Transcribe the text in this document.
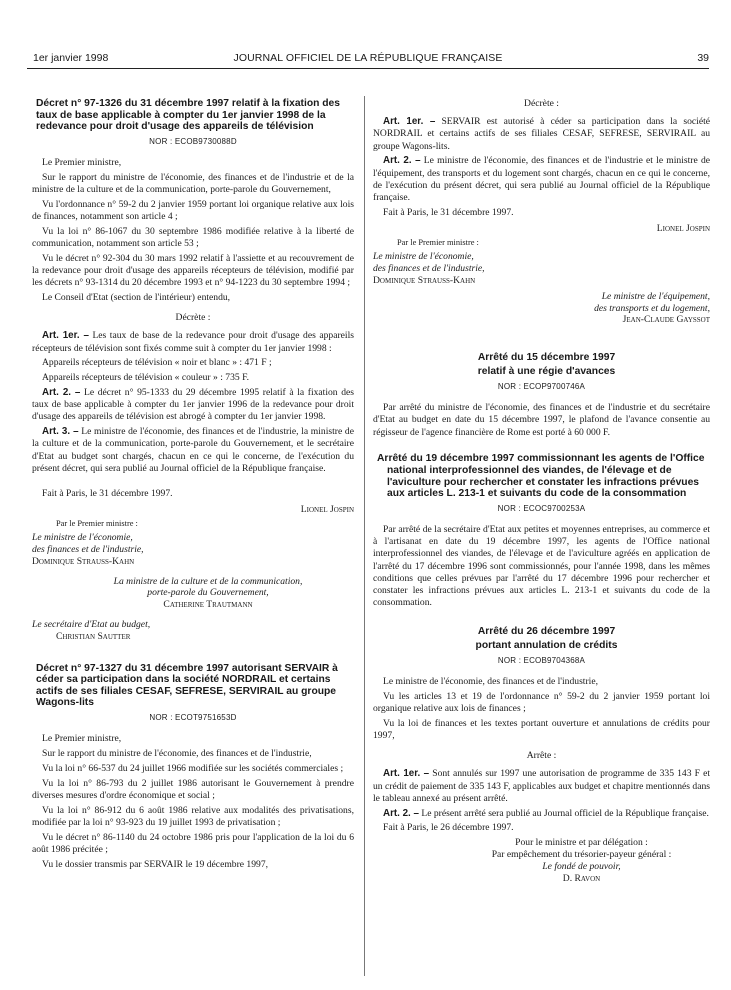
1er janvier 1998	JOURNAL OFFICIEL DE LA RÉPUBLIQUE FRANÇAISE	39

Décret n° 97-1326 du 31 décembre 1997 relatif à la fixation des taux de base applicable à compter du 1er janvier 1998 de la redevance pour droit d'usage des appareils de télévision

NOR : ECOB9730088D

Le Premier ministre,

Sur le rapport du ministre de l'économie, des finances et de l'industrie et de la ministre de la culture et de la communication, porte-parole du Gouvernement,

Vu l'ordonnance n° 59-2 du 2 janvier 1959 portant loi organique relative aux lois de finances, notamment son article 4 ;

Vu la loi n° 86-1067 du 30 septembre 1986 modifiée relative à la liberté de communication, notamment son article 53 ;

Vu le décret n° 92-304 du 30 mars 1992 relatif à l'assiette et au recouvrement de la redevance pour droit d'usage des appareils récepteurs de télévision, modifié par les décrets n° 93-1314 du 20 décembre 1993 et n° 94-1223 du 30 septembre 1994 ;

Le Conseil d'Etat (section de l'intérieur) entendu,

Décrète :

Art. 1er. – Les taux de base de la redevance pour droit d'usage des appareils récepteurs de télévision sont fixés comme suit à compter du 1er janvier 1998 :

Appareils récepteurs de télévision « noir et blanc » : 471 F ;

Appareils récepteurs de télévision « couleur » : 735 F.

Art. 2. – Le décret n° 95-1333 du 29 décembre 1995 relatif à la fixation des taux de base applicable à compter du 1er janvier 1996 de la redevance pour droit d'usage des appareils de télévision est abrogé à compter du 1er janvier 1998.

Art. 3. – Le ministre de l'économie, des finances et de l'industrie, la ministre de la culture et de la communication, porte-parole du Gouvernement, et le secrétaire d'Etat au budget sont chargés, chacun en ce qui le concerne, de l'exécution du présent décret, qui sera publié au Journal officiel de la République française.

Fait à Paris, le 31 décembre 1997.

Lionel Jospin
Par le Premier ministre :
Le ministre de l'économie,
des finances et de l'industrie,
Dominique Strauss-Kahn
La ministre de la culture et de la communication,
porte-parole du Gouvernement,
Catherine Trautmann
Le secrétaire d'Etat au budget,
Christian Sautter

Décret n° 97-1327 du 31 décembre 1997 autorisant SERVAIR à céder sa participation dans la société NORDRAIL et certains actifs de ses filiales CESAF, SEFRESE, SERVIRAIL au groupe Wagons-lits

NOR : ECOT9751653D

Le Premier ministre,

Sur le rapport du ministre de l'économie, des finances et de l'industrie,

Vu la loi n° 66-537 du 24 juillet 1966 modifiée sur les sociétés commerciales ;

Vu la loi n° 86-793 du 2 juillet 1986 autorisant le Gouvernement à prendre diverses mesures d'ordre économique et social ;

Vu la loi n° 86-912 du 6 août 1986 relative aux modalités des privatisations, modifiée par la loi n° 93-923 du 19 juillet 1993 de privatisation ;

Vu le décret n° 86-1140 du 24 octobre 1986 pris pour l'application de la loi du 6 août 1986 précitée ;

Vu le dossier transmis par SERVAIR le 19 décembre 1997,

Décrète :

Art. 1er. – SERVAIR est autorisé à céder sa participation dans la société NORDRAIL et certains actifs de ses filiales CESAF, SEFRESE, SERVIRAIL au groupe Wagons-lits.

Art. 2. – Le ministre de l'économie, des finances et de l'industrie et le ministre de l'équipement, des transports et du logement sont chargés, chacun en ce qui le concerne, de l'exécution du présent décret, qui sera publié au Journal officiel de la République française.

Fait à Paris, le 31 décembre 1997.

Lionel Jospin
Par le Premier ministre :
Le ministre de l'économie,
des finances et de l'industrie,
Dominique Strauss-Kahn
Le ministre de l'équipement,
des transports et du logement,
Jean-Claude Gayssot

Arrêté du 15 décembre 1997

relatif à une régie d'avances

NOR : ECOP9700746A

Par arrêté du ministre de l'économie, des finances et de l'industrie et du secrétaire d'Etat au budget en date du 15 décembre 1997, le plafond de l'avance consentie au régisseur de l'agence financière de Rome est porté à 60 000 F.

Arrêté du 19 décembre 1997 commissionnant les agents de l'Office national interprofessionnel des viandes, de l'élevage et de l'aviculture pour rechercher et constater les infractions prévues aux articles L. 213-1 et suivants du code de la consommation

NOR : ECOC9700253A

Par arrêté de la secrétaire d'Etat aux petites et moyennes entreprises, au commerce et à l'artisanat en date du 19 décembre 1997, les agents de l'Office national interprofessionnel des viandes, de l'élevage et de l'aviculture agréés en application de l'arrêté du 17 décembre 1996 sont commissionnés, pour l'année 1998, dans les mêmes conditions que celles prévues par l'arrêté du 17 décembre 1996 pour rechercher et constater les infractions prévues aux articles L. 213-1 et suivants du code de la consommation.

Arrêté du 26 décembre 1997

portant annulation de crédits

NOR : ECOB9704368A

Le ministre de l'économie, des finances et de l'industrie,

Vu les articles 13 et 19 de l'ordonnance n° 59-2 du 2 janvier 1959 portant loi organique relative aux lois de finances ;

Vu la loi de finances et les textes portant ouverture et annulations de crédits pour 1997,

Arrête :

Art. 1er. – Sont annulés sur 1997 une autorisation de programme de 335 143 F et un crédit de paiement de 335 143 F, applicables aux budget et chapitre mentionnés dans le tableau annexé au présent arrêté.

Art. 2. – Le présent arrêté sera publié au Journal officiel de la République française.

Fait à Paris, le 26 décembre 1997.

Pour le ministre et par délégation :
Par empêchement du trésorier-payeur général :
Le fondé de pouvoir,
D. Ravon
